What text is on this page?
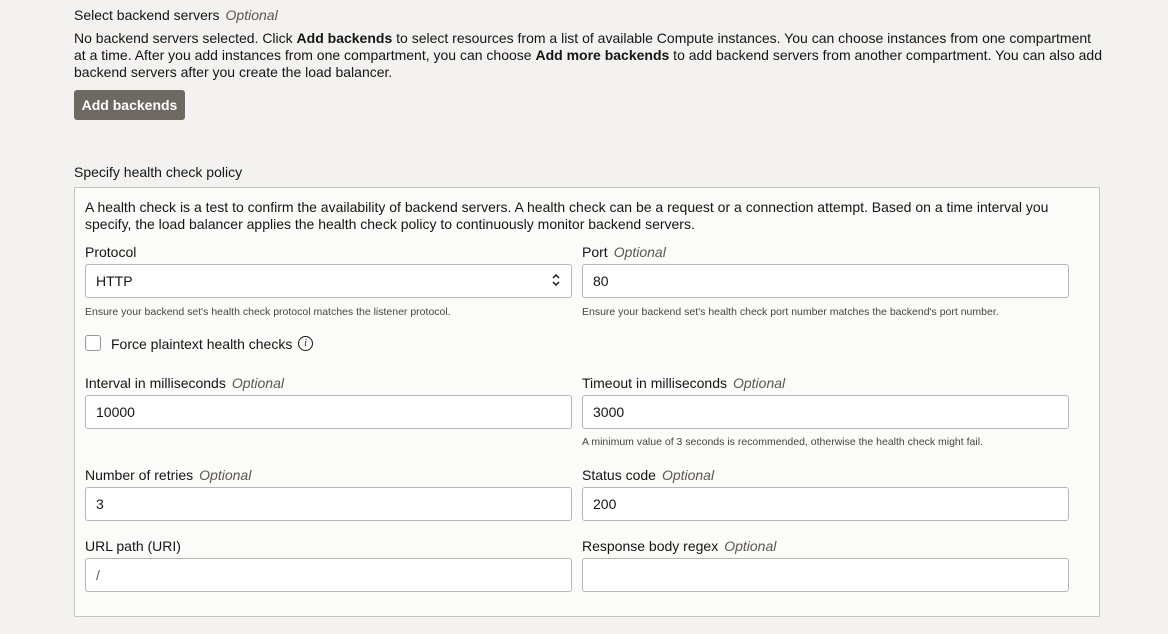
Select backend servers Optional
No backend servers selected. Click Add backends to select resources from a list of available Compute instances. You can choose instances from one compartment at a time. After you add instances from one compartment, you can choose Add more backends to add backend servers from another compartment. You can also add backend servers after you create the load balancer.
Add backends
Specify health check policy
A health check is a test to confirm the availability of backend servers. A health check can be a request or a connection attempt. Based on a time interval you specify, the load balancer applies the health check policy to continuously monitor backend servers.
Protocol
HTTP
Ensure your backend set's health check protocol matches the listener protocol.
Port Optional
80
Ensure your backend set's health check port number matches the backend's port number.
Force plaintext health checks	i
Interval in milliseconds Optional
10000
Timeout in milliseconds Optional
3000
A minimum value of 3 seconds is recommended, otherwise the health check might fail.
Number of retries Optional
3
Status code Optional
200
URL path (URI)
/
Response body regex Optional
